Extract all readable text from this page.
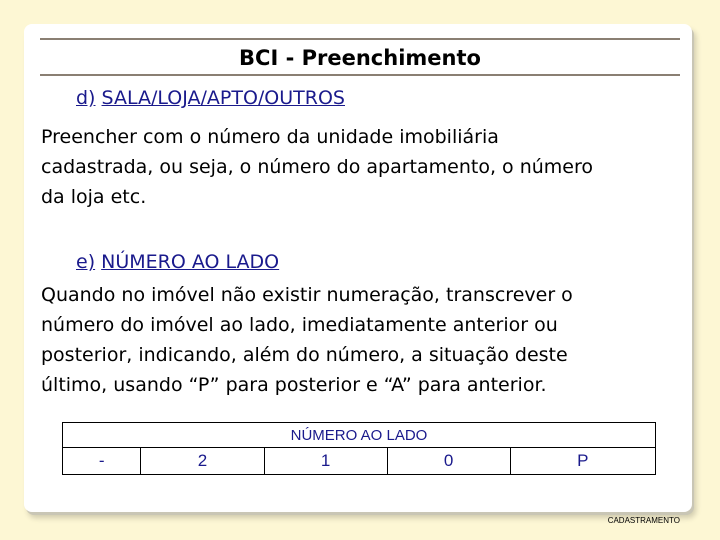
BCI - Preenchimento
d) SALA/LOJA/APTO/OUTROS
Preencher com o número da unidade imobiliária
cadastrada, ou seja, o número do apartamento, o número
da loja etc.
e) NÚMERO AO LADO
Quando no imóvel não existir numeração, transcrever o
número do imóvel ao lado, imediatamente anterior ou
posterior, indicando, além do número, a situação deste
último, usando “P” para posterior e “A” para anterior.
NÚMERO AO LADO
-	2	1	0	P
CADASTRAMENTO
